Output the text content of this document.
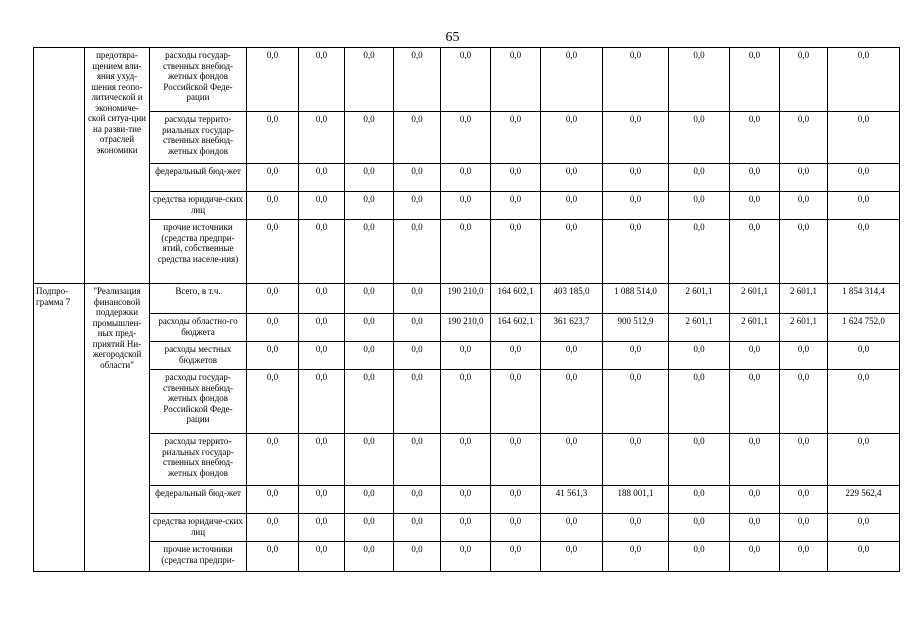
65
	предотвра-щением вли-яния ухуд-шения геопо-литической и экономиче-ской ситуа-ции на разви-тие отраслей экономики	расходы государ-ственных внебюд-жетных фондов Российской Феде-рации	0,0	0,0	0,0	0,0	0,0	0,0	0,0	0,0	0,0	0,0	0,0	0,0
		расходы террито-риальных государ-ственных внебюд-жетных фондов	0,0	0,0	0,0	0,0	0,0	0,0	0,0	0,0	0,0	0,0	0,0	0,0
		федеральный бюд-жет	0,0	0,0	0,0	0,0	0,0	0,0	0,0	0,0	0,0	0,0	0,0	0,0
		средства юридиче-ских лиц	0,0	0,0	0,0	0,0	0,0	0,0	0,0	0,0	0,0	0,0	0,0	0,0
		прочие источники (средства предпри-ятий, собственные средства населе-ния)	0,0	0,0	0,0	0,0	0,0	0,0	0,0	0,0	0,0	0,0	0,0	0,0
Подпро-грамма 7	"Реализация финансовой поддержки промышлен-ных пред-приятий Ни-жегородской области"	Всего, в т.ч.	0,0	0,0	0,0	0,0	190 210,0	164 602,1	403 185,0	1 088 514,0	2 601,1	2 601,1	2 601,1	1 854 314,4
		расходы областно-го бюджета	0,0	0,0	0,0	0,0	190 210,0	164 602,1	361 623,7	900 512,9	2 601,1	2 601,1	2 601,1	1 624 752,0
		расходы местных бюджетов	0,0	0,0	0,0	0,0	0,0	0,0	0,0	0,0	0,0	0,0	0,0	0,0
		расходы государ-ственных внебюд-жетных фондов Российской Феде-рации	0,0	0,0	0,0	0,0	0,0	0,0	0,0	0,0	0,0	0,0	0,0	0,0
		расходы террито-риальных государ-ственных внебюд-жетных фондов	0,0	0,0	0,0	0,0	0,0	0,0	0,0	0,0	0,0	0,0	0,0	0,0
		федеральный бюд-жет	0,0	0,0	0,0	0,0	0,0	0,0	41 561,3	188 001,1	0,0	0,0	0,0	229 562,4
		средства юридиче-ских лиц	0,0	0,0	0,0	0,0	0,0	0,0	0,0	0,0	0,0	0,0	0,0	0,0
		прочие источники (средства предпри-	0,0	0,0	0,0	0,0	0,0	0,0	0,0	0,0	0,0	0,0	0,0	0,0
